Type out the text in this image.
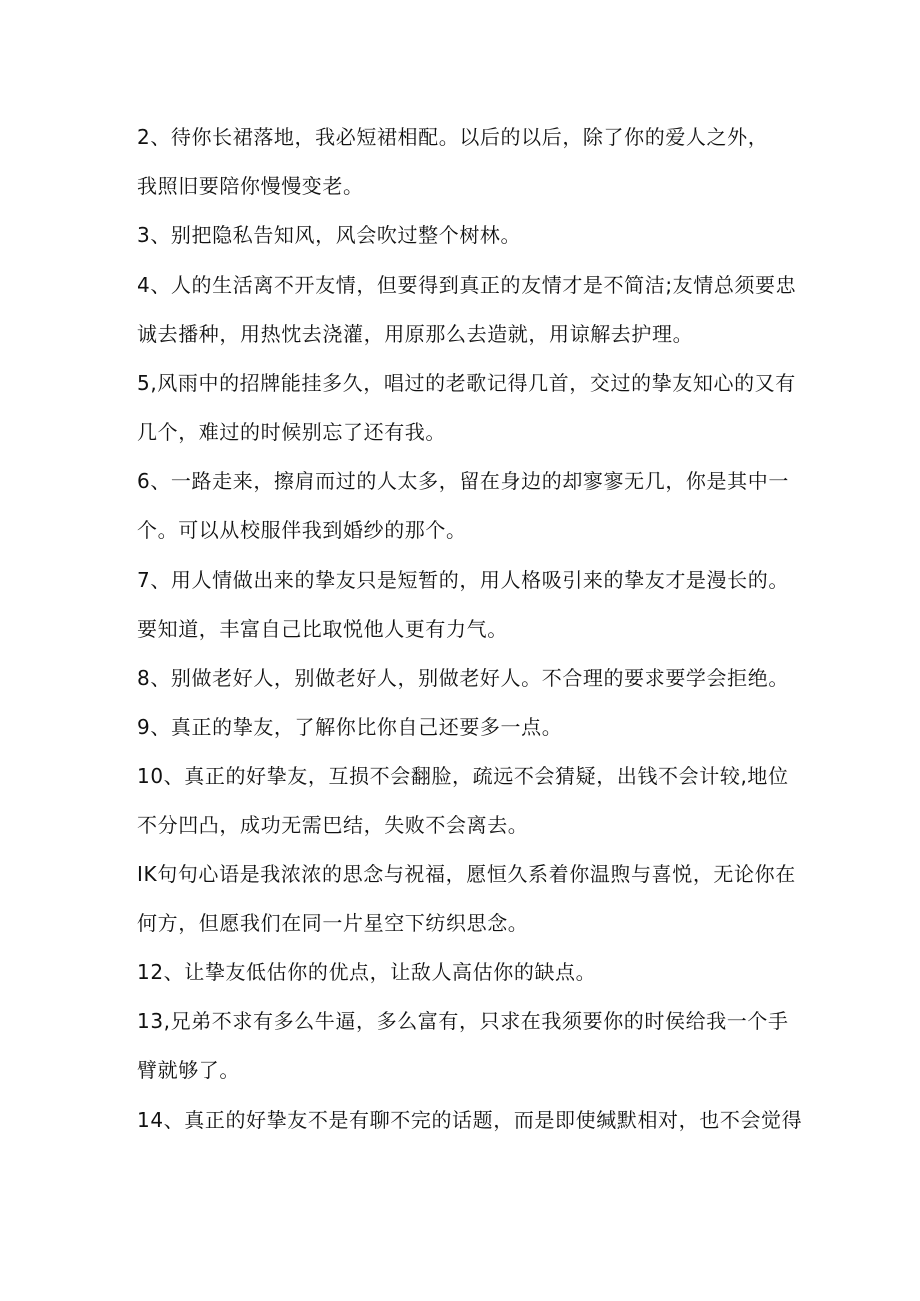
2、待你长裙落地，我必短裙相配。以后的以后，除了你的爱人之外，

我照旧要陪你慢慢变老。

3、别把隐私告知风，风会吹过整个树林。

4、人的生活离不开友情，但要得到真正的友情才是不简洁;友情总须要忠

诚去播种，用热忱去浇灌，用原那么去造就，用谅解去护理。

5,风雨中的招牌能挂多久，唱过的老歌记得几首，交过的挚友知心的又有

几个，难过的时候别忘了还有我。

6、一路走来，擦肩而过的人太多，留在身边的却寥寥无几，你是其中一

个。可以从校服伴我到婚纱的那个。

7、用人情做出来的挚友只是短暂的，用人格吸引来的挚友才是漫长的。

要知道，丰富自己比取悦他人更有力气。

8、别做老好人，别做老好人，别做老好人。不合理的要求要学会拒绝。

9、真正的挚友，了解你比你自己还要多一点。

10、真正的好挚友，互损不会翻脸，疏远不会猜疑，出钱不会计较,地位

不分凹凸，成功无需巴结，失败不会离去。

IK句句心语是我浓浓的思念与祝福，愿恒久系着你温煦与喜悦，无论你在

何方，但愿我们在同一片星空下纺织思念。

12、让挚友低估你的优点，让敌人高估你的缺点。

13,兄弟不求有多么牛逼，多么富有，只求在我须要你的时侯给我一个手

臂就够了。

14、真正的好挚友不是有聊不完的话题，而是即使缄默相对，也不会觉得
